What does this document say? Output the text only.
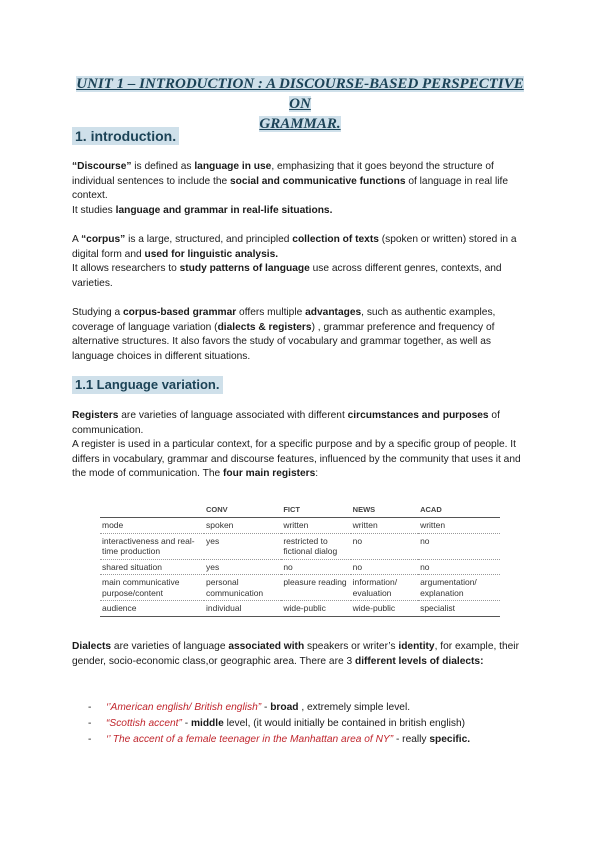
UNIT 1 – INTRODUCTION : A DISCOURSE-BASED PERSPECTIVE ON
GRAMMAR.
1. introduction.

“Discourse” is defined as language in use, emphasizing that it goes beyond the structure of individual sentences to include the social and communicative functions of language in real life context.

It studies language and grammar in real-life situations.

A “corpus” is a large, structured, and principled collection of texts (spoken or written) stored in a digital form and used for linguistic analysis.

It allows researchers to study patterns of language use across different genres, contexts, and varieties.

Studying a corpus-based grammar offers multiple advantages, such as authentic examples, coverage of language variation (dialects & registers) , grammar preference and frequency of alternative structures. It also favors the study of vocabulary and grammar together, as well as language choices in different situations.

1.1 Language variation.

Registers are varieties of language associated with different circumstances and purposes of communication.

A register is used in a particular context, for a specific purpose and by a specific group of people. It differs in vocabulary, grammar and discourse features, influenced by the community that uses it and the mode of communication. The four main registers:

	CONV	FICT	NEWS	ACAD
mode	spoken	written	written	written
interactiveness and real-time production	yes	restricted to fictional dialog	no	no
shared situation	yes	no	no	no
main communicative purpose/content	personal communication	pleasure reading	information/ evaluation	argumentation/ explanation
audience	individual	wide-public	wide-public	specialist

Dialects are varieties of language associated with speakers or writer’s identity, for example, their gender, socio-economic class,or geographic area. There are 3 different levels of dialects:

- ‘’American english/ British english” - broad , extremely simple level.
- “Scottish accent” - middle level, (it would initially be contained in british english)
- ‘’ The accent of a female teenager in the Manhattan area of NY” - really specific.
